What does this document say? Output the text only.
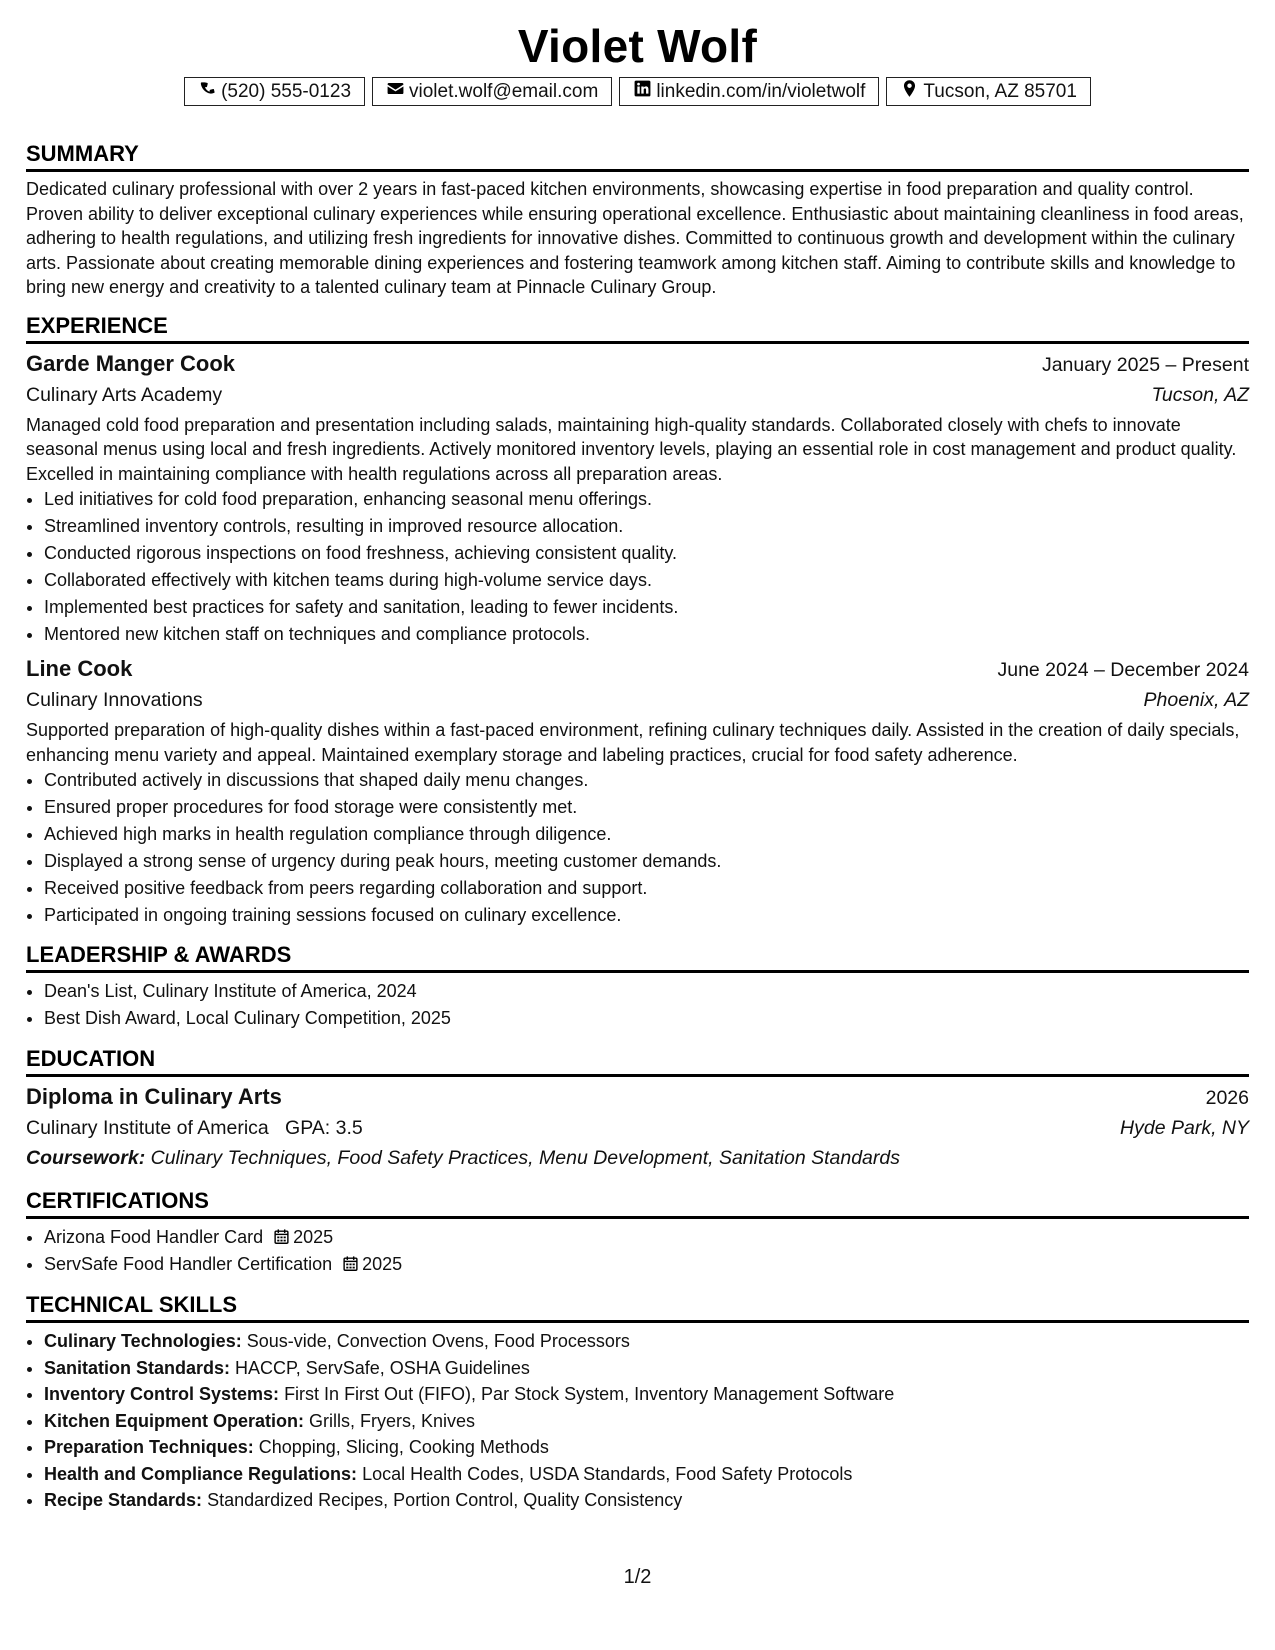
Violet Wolf
(520) 555-0123	violet.wolf@email.com	linkedin.com/in/violetwolf	Tucson, AZ 85701
SUMMARY

Dedicated culinary professional with over 2 years in fast-paced kitchen environments, showcasing expertise in food preparation and quality control. Proven ability to deliver exceptional culinary experiences while ensuring operational excellence. Enthusiastic about maintaining cleanliness in food areas, adhering to health regulations, and utilizing fresh ingredients for innovative dishes. Committed to continuous growth and development within the culinary arts. Passionate about creating memorable dining experiences and fostering teamwork among kitchen staff. Aiming to contribute skills and knowledge to bring new energy and creativity to a talented culinary team at Pinnacle Culinary Group.

EXPERIENCE
Garde Manger Cook	January 2025 – Present
Culinary Arts Academy	Tucson, AZ

Managed cold food preparation and presentation including salads, maintaining high-quality standards. Collaborated closely with chefs to innovate seasonal menus using local and fresh ingredients. Actively monitored inventory levels, playing an essential role in cost management and product quality. Excelled in maintaining compliance with health regulations across all preparation areas.

• Led initiatives for cold food preparation, enhancing seasonal menu offerings.
• Streamlined inventory controls, resulting in improved resource allocation.
• Conducted rigorous inspections on food freshness, achieving consistent quality.
• Collaborated effectively with kitchen teams during high-volume service days.
• Implemented best practices for safety and sanitation, leading to fewer incidents.
• Mentored new kitchen staff on techniques and compliance protocols.
Line Cook	June 2024 – December 2024
Culinary Innovations	Phoenix, AZ

Supported preparation of high-quality dishes within a fast-paced environment, refining culinary techniques daily. Assisted in the creation of daily specials, enhancing menu variety and appeal. Maintained exemplary storage and labeling practices, crucial for food safety adherence.

• Contributed actively in discussions that shaped daily menu changes.
• Ensured proper procedures for food storage were consistently met.
• Achieved high marks in health regulation compliance through diligence.
• Displayed a strong sense of urgency during peak hours, meeting customer demands.
• Received positive feedback from peers regarding collaboration and support.
• Participated in ongoing training sessions focused on culinary excellence.
LEADERSHIP & AWARDS
• Dean's List, Culinary Institute of America, 2024
• Best Dish Award, Local Culinary Competition, 2025
EDUCATION
Diploma in Culinary Arts	2026
Culinary Institute of America GPA: 3.5	Hyde Park, NY
Coursework: Culinary Techniques, Food Safety Practices, Menu Development, Sanitation Standards
CERTIFICATIONS
• Arizona Food Handler Card 2025
• ServSafe Food Handler Certification 2025
TECHNICAL SKILLS
• Culinary Technologies: Sous-vide, Convection Ovens, Food Processors
• Sanitation Standards: HACCP, ServSafe, OSHA Guidelines
• Inventory Control Systems: First In First Out (FIFO), Par Stock System, Inventory Management Software
• Kitchen Equipment Operation: Grills, Fryers, Knives
• Preparation Techniques: Chopping, Slicing, Cooking Methods
• Health and Compliance Regulations: Local Health Codes, USDA Standards, Food Safety Protocols
• Recipe Standards: Standardized Recipes, Portion Control, Quality Consistency
1/2
